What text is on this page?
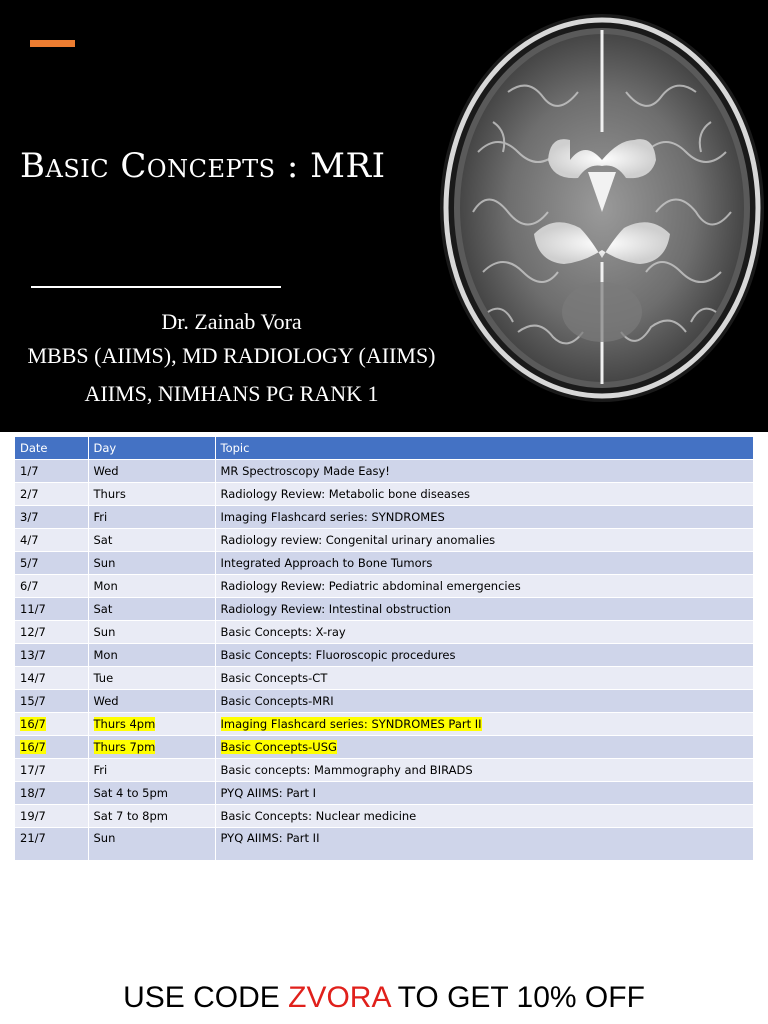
Basic Concepts : MRI
Dr. Zainab Vora
MBBS (AIIMS), MD RADIOLOGY (AIIMS)
AIIMS, NIMHANS PG RANK 1
Date	Day	Topic
1/7	Wed	MR Spectroscopy Made Easy!
2/7	Thurs	Radiology Review: Metabolic bone diseases
3/7	Fri	Imaging Flashcard series: SYNDROMES
4/7	Sat	Radiology review: Congenital urinary anomalies
5/7	Sun	Integrated Approach to Bone Tumors
6/7	Mon	Radiology Review: Pediatric abdominal emergencies
11/7	Sat	Radiology Review: Intestinal obstruction
12/7	Sun	Basic Concepts: X-ray
13/7	Mon	Basic Concepts: Fluoroscopic procedures
14/7	Tue	Basic Concepts-CT
15/7	Wed	Basic Concepts-MRI
16/7	Thurs 4pm	Imaging Flashcard series: SYNDROMES Part II
16/7	Thurs 7pm	Basic Concepts-USG
17/7	Fri	Basic concepts: Mammography and BIRADS
18/7	Sat 4 to 5pm	PYQ AIIMS: Part I
19/7	Sat 7 to 8pm	Basic Concepts: Nuclear medicine
21/7	Sun	PYQ AIIMS: Part II
USE CODE ZVORA TO GET 10% OFF
